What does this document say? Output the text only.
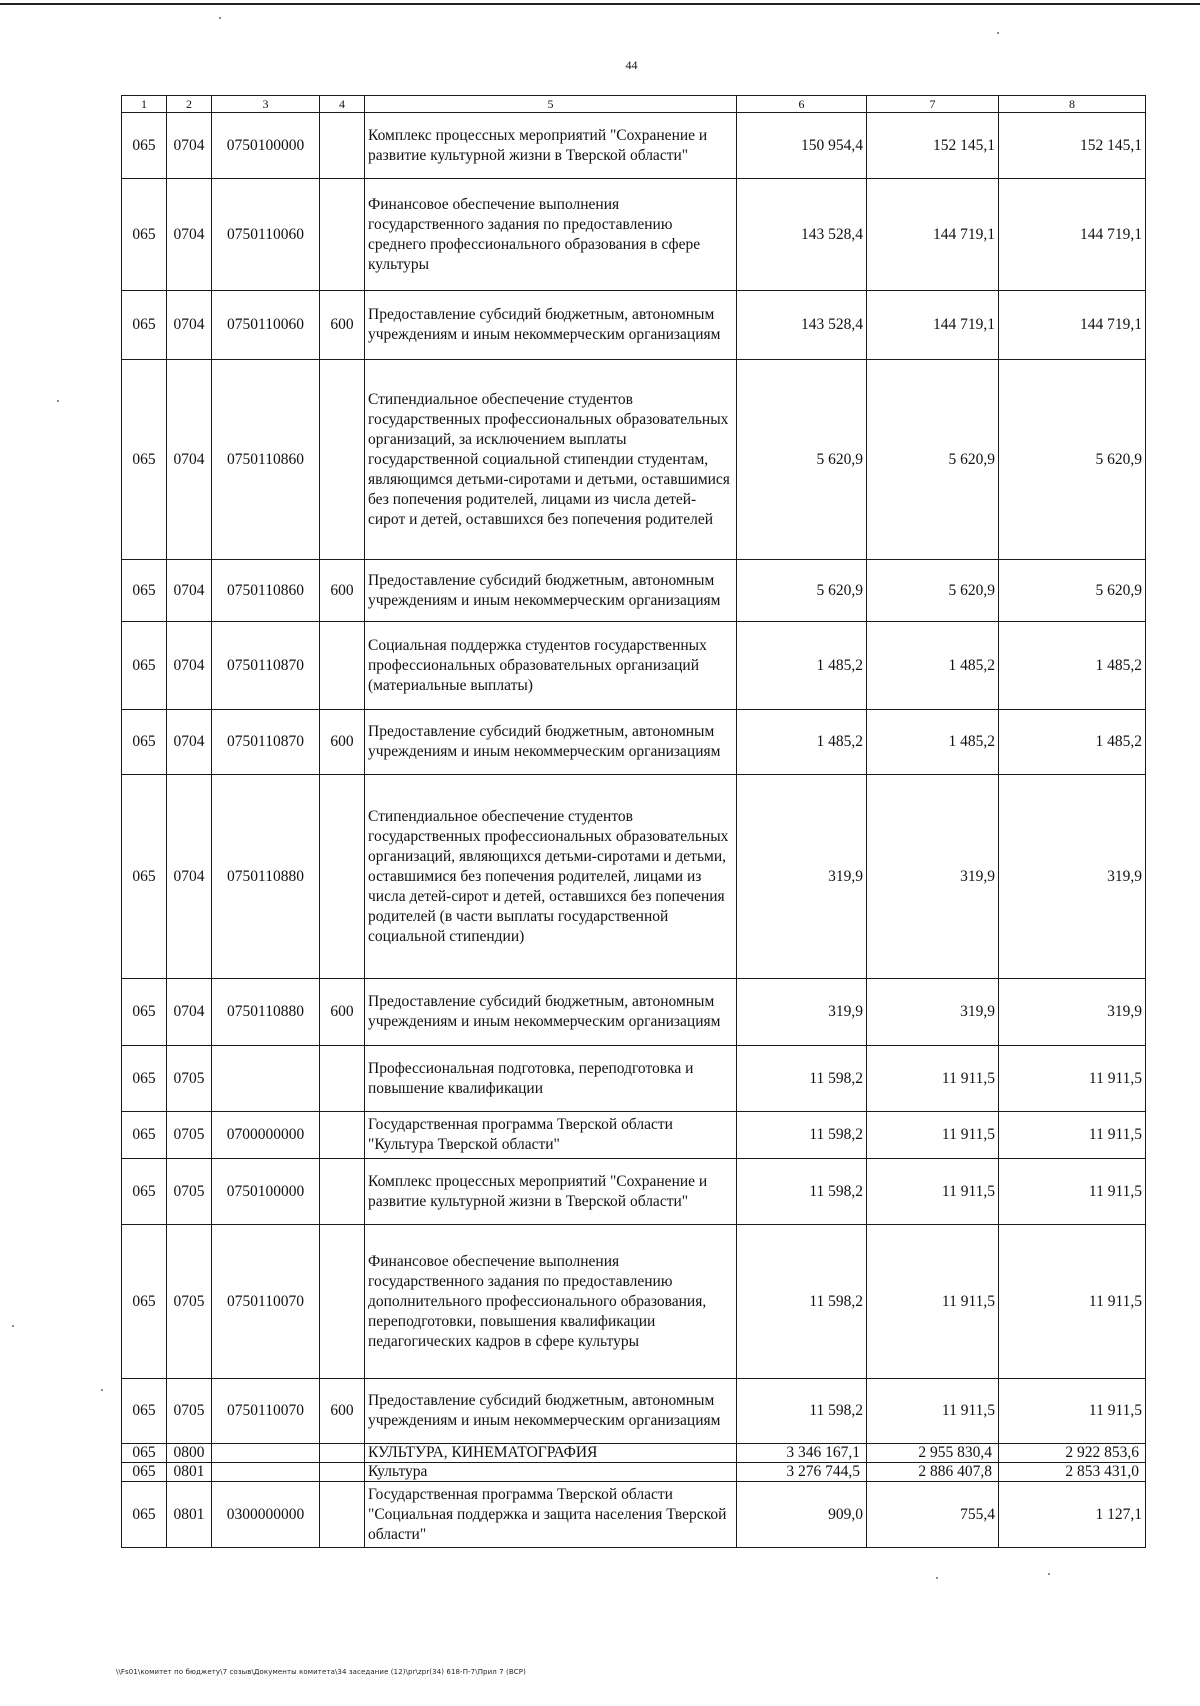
44
1	2	3	4	5	6	7	8
065	0704	0750100000		Комплекс процессных мероприятий "Сохранение и развитие культурной жизни в Тверской области"	150 954,4	152 145,1	152 145,1
065	0704	0750110060		Финансовое обеспечение выполнения государственного задания по предоставлению среднего профессионального образования в сфере культуры	143 528,4	144 719,1	144 719,1
065	0704	0750110060	600	Предоставление субсидий бюджетным, автономным учреждениям и иным некоммерческим организациям	143 528,4	144 719,1	144 719,1
065	0704	0750110860		Стипендиальное обеспечение студентов государственных профессиональных образовательных организаций, за исключением выплаты государственной социальной стипендии студентам, являющимся детьми-сиротами и детьми, оставшимися без попечения родителей, лицами из числа детей-сирот и детей, оставшихся без попечения родителей	5 620,9	5 620,9	5 620,9
065	0704	0750110860	600	Предоставление субсидий бюджетным, автономным учреждениям и иным некоммерческим организациям	5 620,9	5 620,9	5 620,9
065	0704	0750110870		Социальная поддержка студентов государственных профессиональных образовательных организаций (материальные выплаты)	1 485,2	1 485,2	1 485,2
065	0704	0750110870	600	Предоставление субсидий бюджетным, автономным учреждениям и иным некоммерческим организациям	1 485,2	1 485,2	1 485,2
065	0704	0750110880		Стипендиальное обеспечение студентов государственных профессиональных образовательных организаций, являющихся детьми-сиротами и детьми, оставшимися без попечения родителей, лицами из числа детей-сирот и детей, оставшихся без попечения родителей (в части выплаты государственной социальной стипендии)	319,9	319,9	319,9
065	0704	0750110880	600	Предоставление субсидий бюджетным, автономным учреждениям и иным некоммерческим организациям	319,9	319,9	319,9
065	0705			Профессиональная подготовка, переподготовка и повышение квалификации	11 598,2	11 911,5	11 911,5
065	0705	0700000000		Государственная программа Тверской области "Культура Тверской области"	11 598,2	11 911,5	11 911,5
065	0705	0750100000		Комплекс процессных мероприятий "Сохранение и развитие культурной жизни в Тверской области"	11 598,2	11 911,5	11 911,5
065	0705	0750110070		Финансовое обеспечение выполнения государственного задания по предоставлению дополнительного профессионального образования, переподготовки, повышения квалификации педагогических кадров в сфере культуры	11 598,2	11 911,5	11 911,5
065	0705	0750110070	600	Предоставление субсидий бюджетным, автономным учреждениям и иным некоммерческим организациям	11 598,2	11 911,5	11 911,5
065	0800			КУЛЬТУРА, КИНЕМАТОГРАФИЯ	3 346 167,1	2 955 830,4	2 922 853,6
065	0801			Культура	3 276 744,5	2 886 407,8	2 853 431,0
065	0801	0300000000		Государственная программа Тверской области "Социальная поддержка и защита населения Тверской области"	909,0	755,4	1 127,1
\\Fs01\комитет по бюджету\7 созыв\Документы комитета\34 заседание (12)\pr\zpr(34) 618-П-7\Прил 7 (ВСР)
